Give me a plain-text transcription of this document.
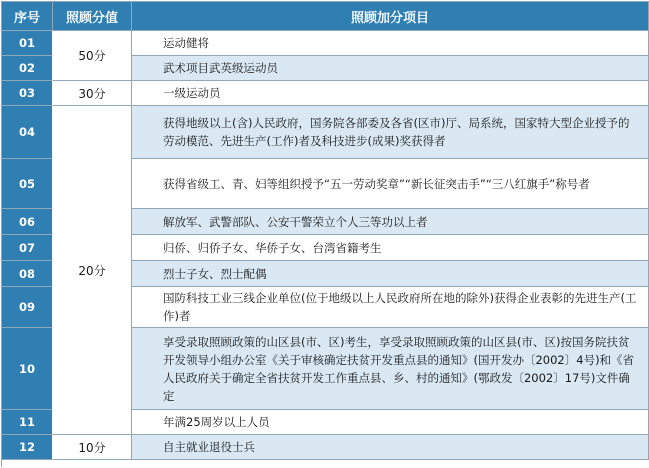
序号	照顾分值	照顾加分项目
01
02
03
04
05
06
07
08
09
10
11
12
50分
30分
20分
10分
运动健将
武术项目武英级运动员
一级运动员
获得地级以上(含)人民政府，国务院各部委及各省(区市)厅、局系统，国家特大型企业授予的劳动模范、先进生产(工作)者及科技进步(成果)奖获得者
获得省级工、青、妇等组织授予“五一劳动奖章”“新长征突击手”“三八红旗手”称号者
解放军、武警部队、公安干警荣立个人三等功以上者
归侨、归侨子女、华侨子女、台湾省籍考生
烈士子女、烈士配偶
国防科技工业三线企业单位(位于地级以上人民政府所在地的除外)获得企业表彰的先进生产(工作)者
享受录取照顾政策的山区县(市、区)考生，享受录取照顾政策的山区县(市、区)按国务院扶贫开发领导小组办公室《关于审核确定扶贫开发重点县的通知》(国开发办〔2002〕4号)和《省人民政府关于确定全省扶贫开发工作重点县、乡、村的通知》(鄂政发〔2002〕17号)文件确定
年满25周岁以上人员
自主就业退役士兵
